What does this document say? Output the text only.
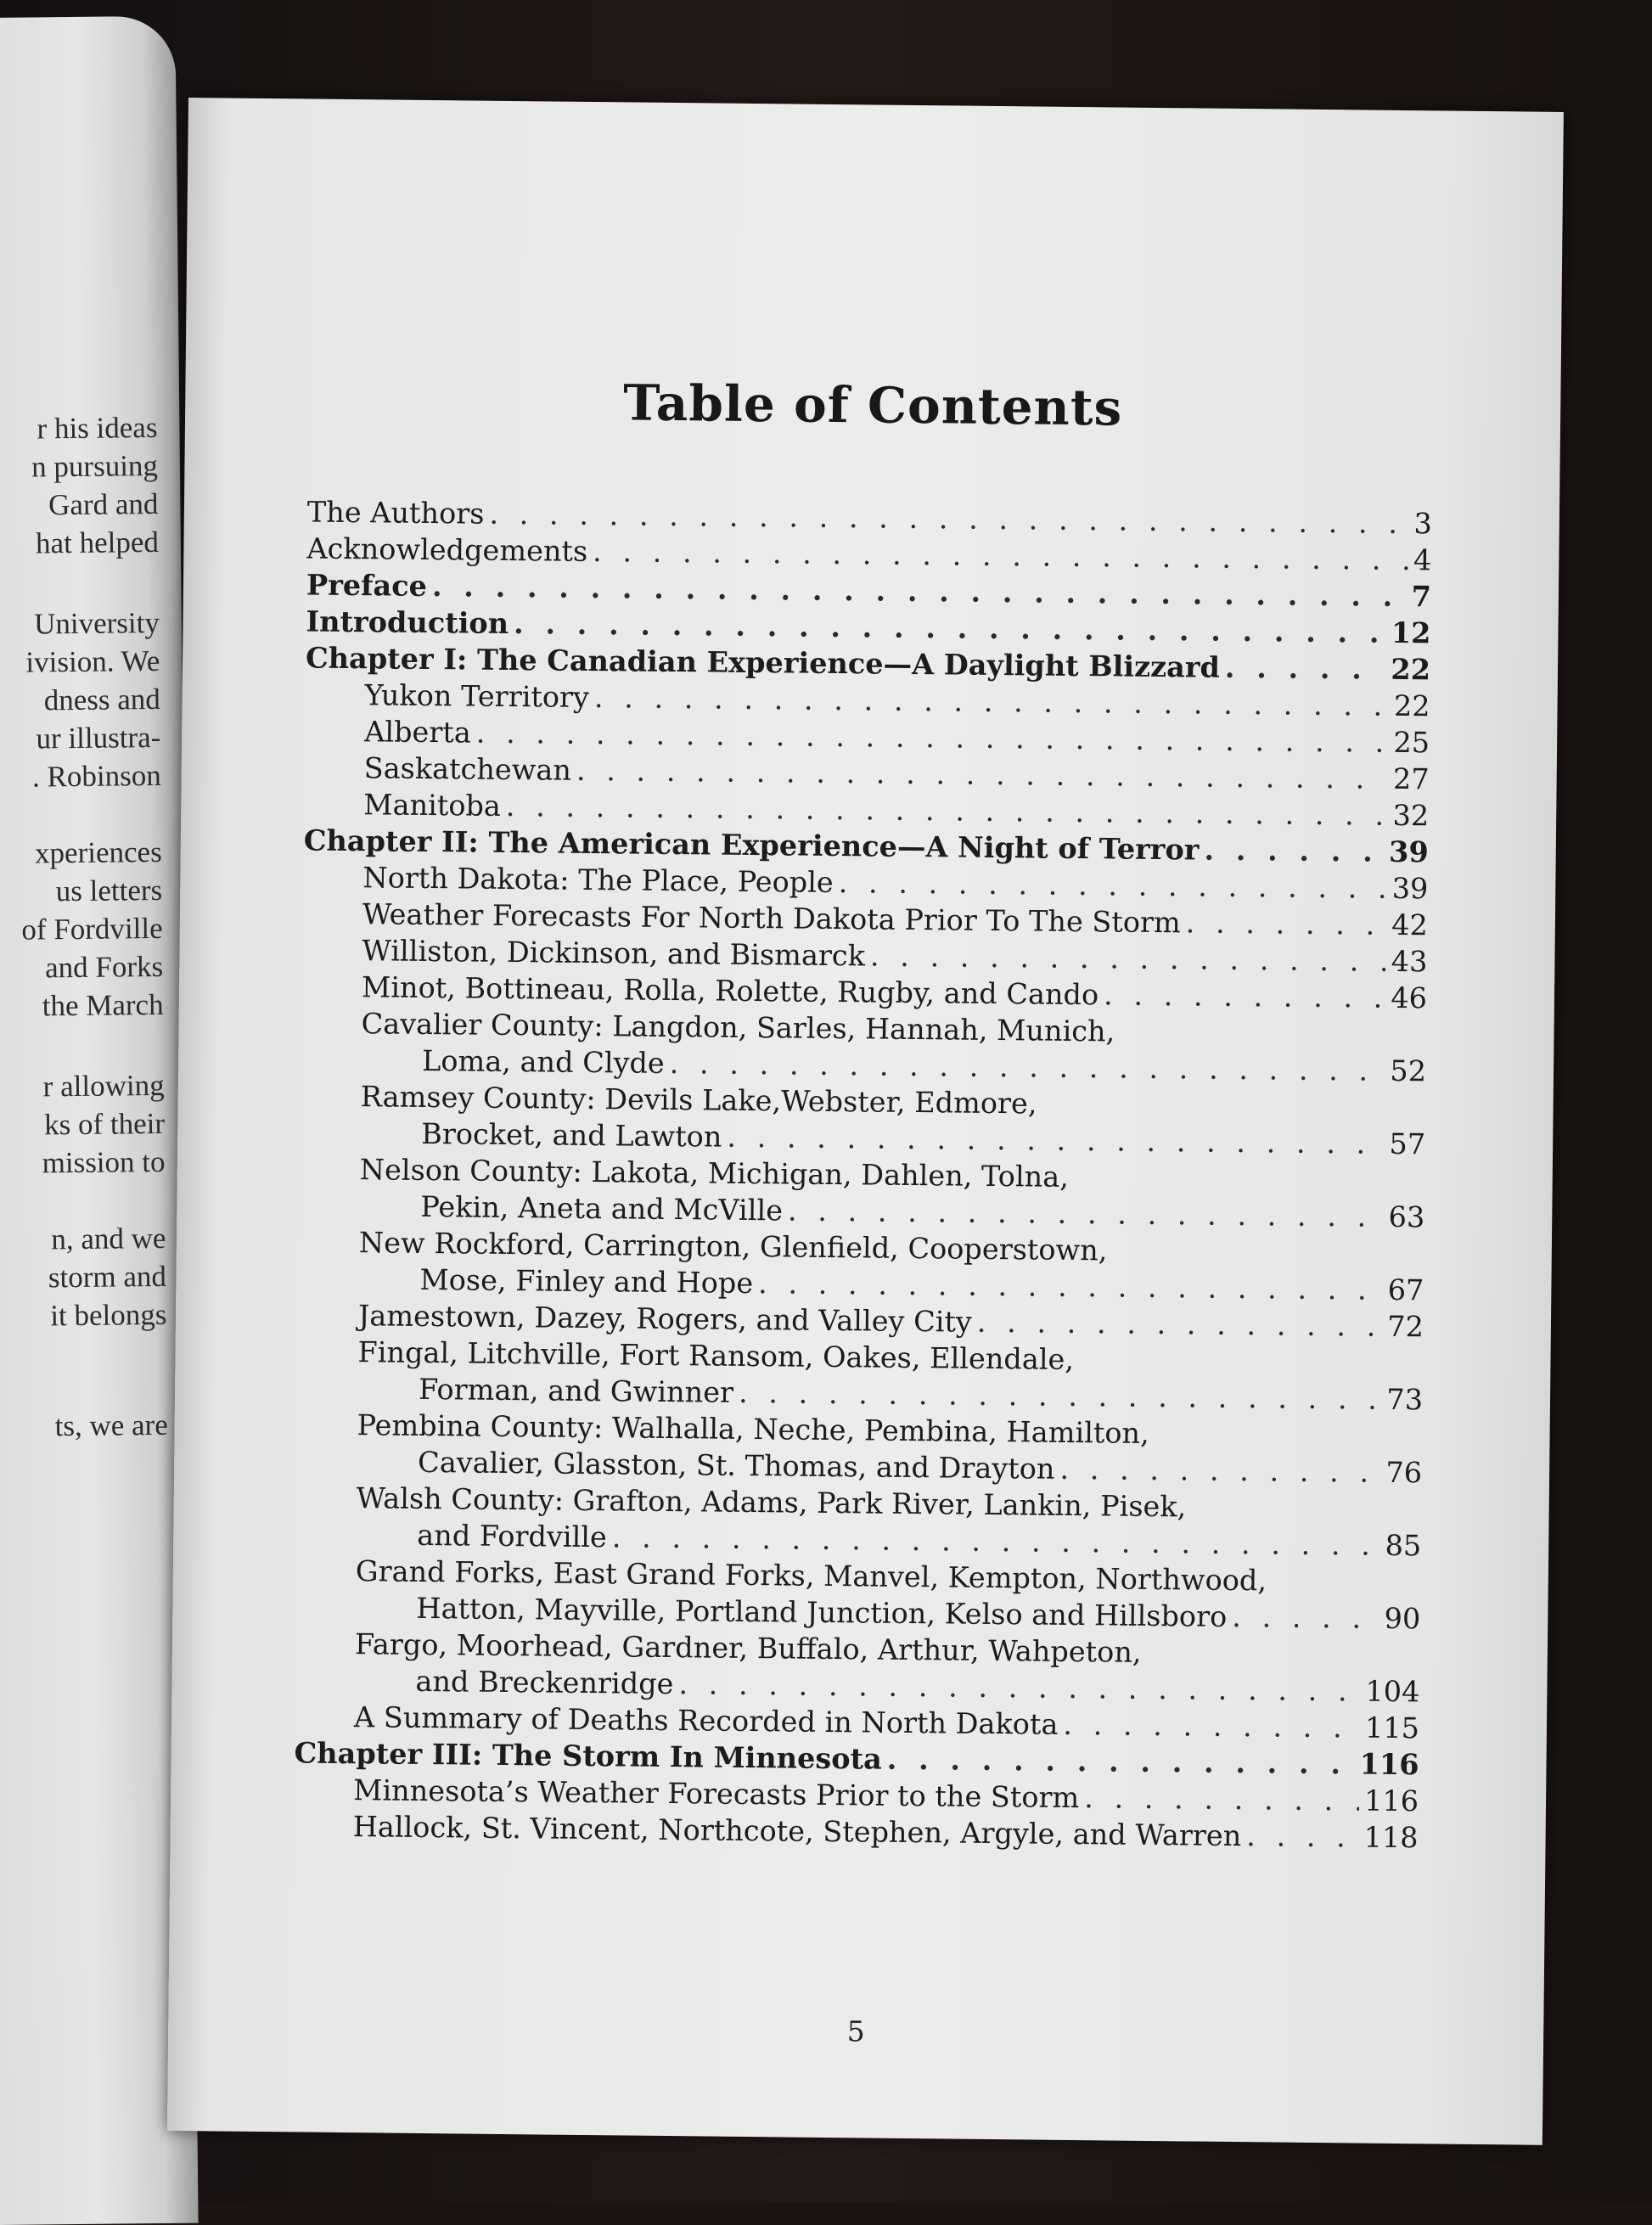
r his ideas
n pursuing
Gard and
hat helped
University
ivision. We
dness and
ur illustra-
. Robinson
xperiences
us letters
of Fordville
and Forks
the March
r allowing
ks of their
mission to
n, and we
storm and
it belongs
ts, we are
Table of Contents
The Authors . . .	3
Acknowledgements . . .	4
Preface . . .	7
Introduction . . .	12
Chapter I: The Canadian Experience—A Daylight Blizzard . . .	22
Yukon Territory . . .	22
Alberta . . .	25
Saskatchewan . . .	27
Manitoba . . .	32
Chapter II: The American Experience—A Night of Terror . . .	39
North Dakota: The Place, People . . .	39
Weather Forecasts For North Dakota Prior To The Storm . . .	42
Williston, Dickinson, and Bismarck . . .	43
Minot, Bottineau, Rolla, Rolette, Rugby, and Cando . . .	46
Cavalier County: Langdon, Sarles, Hannah, Munich,
Loma, and Clyde . . .	52
Ramsey County: Devils Lake,Webster, Edmore,
Brocket, and Lawton . . .	57
Nelson County: Lakota, Michigan, Dahlen, Tolna,
Pekin, Aneta and McVille . . .	63
New Rockford, Carrington, Glenfield, Cooperstown,
Mose, Finley and Hope . . .	67
Jamestown, Dazey, Rogers, and Valley City . . .	72
Fingal, Litchville, Fort Ransom, Oakes, Ellendale,
Forman, and Gwinner . . .	73
Pembina County: Walhalla, Neche, Pembina, Hamilton,
Cavalier, Glasston, St. Thomas, and Drayton . . .	76
Walsh County: Grafton, Adams, Park River, Lankin, Pisek,
and Fordville . . .	85
Grand Forks, East Grand Forks, Manvel, Kempton, Northwood,
Hatton, Mayville, Portland Junction, Kelso and Hillsboro . . .	90
Fargo, Moorhead, Gardner, Buffalo, Arthur, Wahpeton,
and Breckenridge . . .	104
A Summary of Deaths Recorded in North Dakota . . .	115
Chapter III: The Storm In Minnesota . . .	116
Minnesota’s Weather Forecasts Prior to the Storm . . .	116
Hallock, St. Vincent, Northcote, Stephen, Argyle, and Warren . . .	118
5
